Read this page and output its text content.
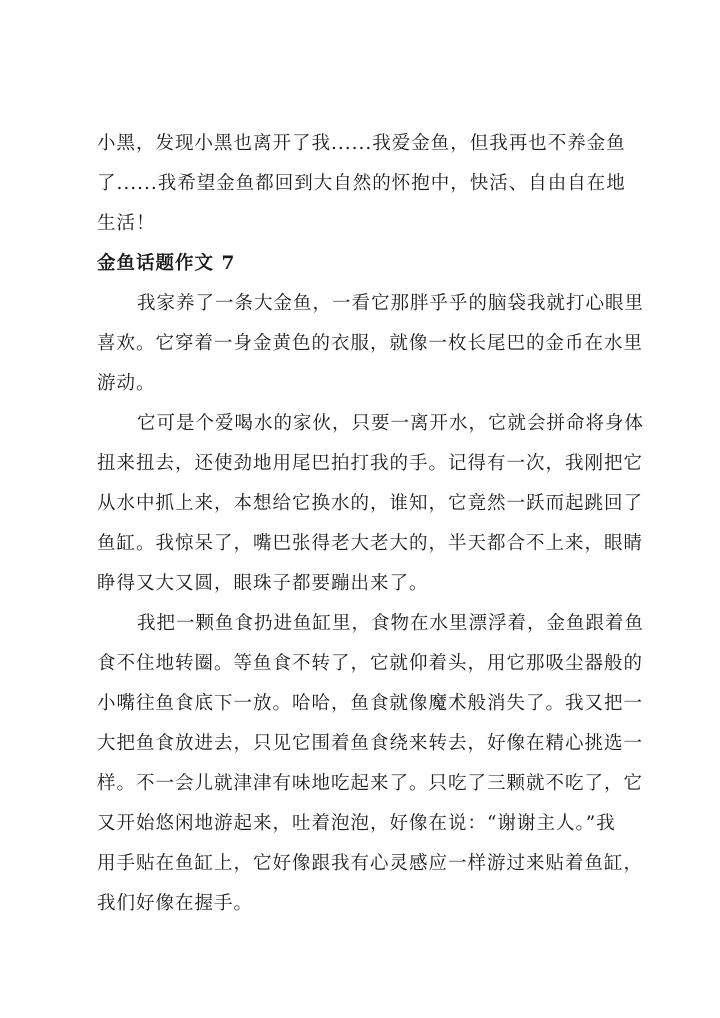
小黑，发现小黑也离开了我......我爱金鱼，但我再也不养金鱼
了......我希望金鱼都回到大自然的怀抱中，快活、自由自在地
生活！

金鱼话题作文 7

我家养了一条大金鱼，一看它那胖乎乎的脑袋我就打心眼里
喜欢。它穿着一身金黄色的衣服，就像一枚长尾巴的金币在水里
游动。

它可是个爱喝水的家伙，只要一离开水，它就会拼命将身体
扭来扭去，还使劲地用尾巴拍打我的手。记得有一次，我刚把它
从水中抓上来，本想给它换水的，谁知，它竟然一跃而起跳回了
鱼缸。我惊呆了，嘴巴张得老大老大的，半天都合不上来，眼睛
睁得又大又圆，眼珠子都要蹦出来了。

我把一颗鱼食扔进鱼缸里，食物在水里漂浮着，金鱼跟着鱼
食不住地转圈。等鱼食不转了，它就仰着头，用它那吸尘器般的
小嘴往鱼食底下一放。哈哈，鱼食就像魔术般消失了。我又把一
大把鱼食放进去，只见它围着鱼食绕来转去，好像在精心挑选一
样。不一会儿就津津有味地吃起来了。只吃了三颗就不吃了，它
又开始悠闲地游起来，吐着泡泡，好像在说：“谢谢主人。”我
用手贴在鱼缸上，它好像跟我有心灵感应一样游过来贴着鱼缸，
我们好像在握手。
